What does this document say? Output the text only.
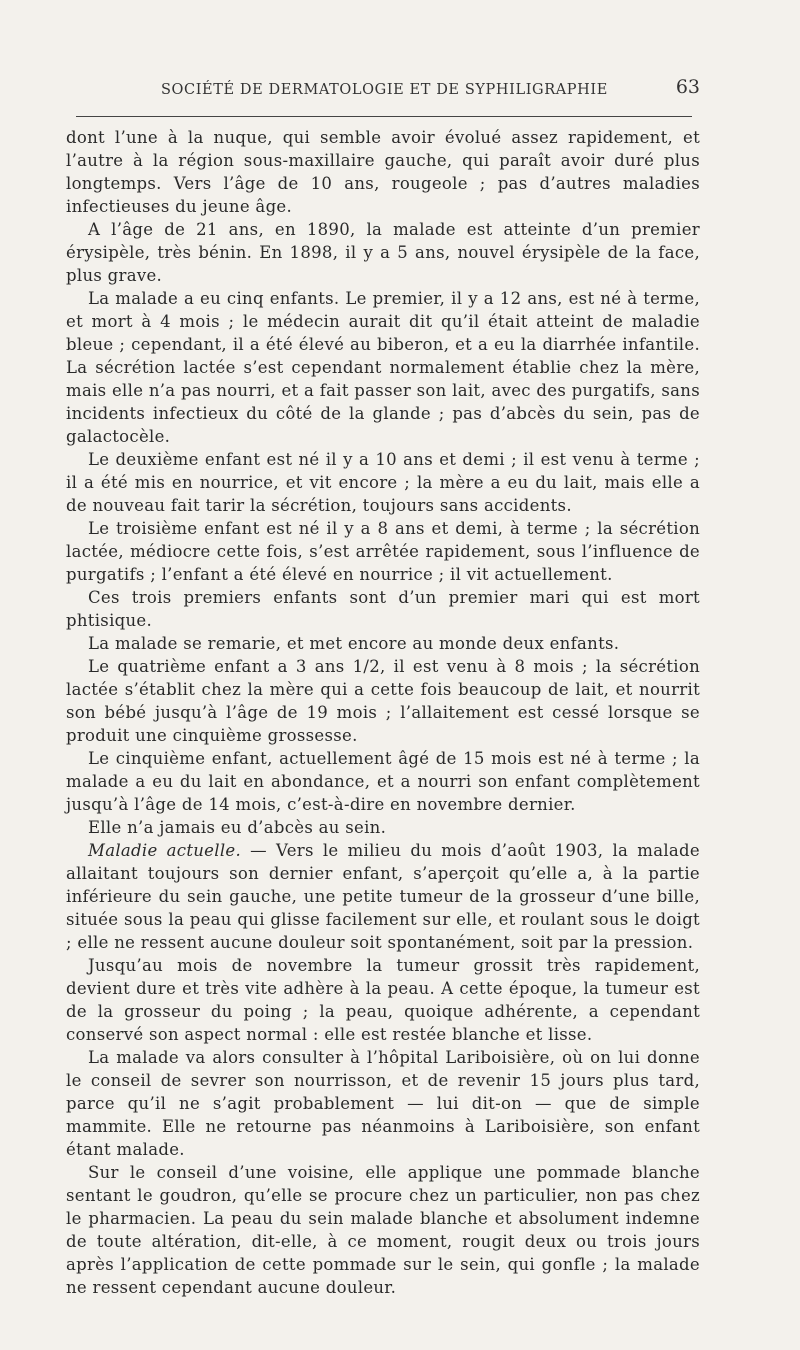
SOCIÉTÉ DE DERMATOLOGIE ET DE SYPHILIGRAPHIE	63

dont l’une à la nuque, qui semble avoir évolué assez rapidement, et l’autre à la région sous-maxillaire gauche, qui paraît avoir duré plus longtemps. Vers l’âge de 10 ans, rougeole ; pas d’autres maladies infectieuses du jeune âge.

A l’âge de 21 ans, en 1890, la malade est atteinte d’un premier érysipèle, très bénin. En 1898, il y a 5 ans, nouvel érysipèle de la face, plus grave.

La malade a eu cinq enfants. Le premier, il y a 12 ans, est né à terme, et mort à 4 mois ; le médecin aurait dit qu’il était atteint de maladie bleue ; cependant, il a été élevé au biberon, et a eu la diarrhée infantile. La sécrétion lactée s’est cependant normalement établie chez la mère, mais elle n’a pas nourri, et a fait passer son lait, avec des purgatifs, sans incidents infectieux du côté de la glande ; pas d’abcès du sein, pas de galactocèle.

Le deuxième enfant est né il y a 10 ans et demi ; il est venu à terme ; il a été mis en nourrice, et vit encore ; la mère a eu du lait, mais elle a de nouveau fait tarir la sécrétion, toujours sans accidents.

Le troisième enfant est né il y a 8 ans et demi, à terme ; la sécrétion lactée, médiocre cette fois, s’est arrêtée rapidement, sous l’influence de purgatifs ; l’enfant a été élevé en nourrice ; il vit actuellement.

Ces trois premiers enfants sont d’un premier mari qui est mort phtisique.

La malade se remarie, et met encore au monde deux enfants.

Le quatrième enfant a 3 ans 1/2, il est venu à 8 mois ; la sécrétion lactée s’établit chez la mère qui a cette fois beaucoup de lait, et nourrit son bébé jusqu’à l’âge de 19 mois ; l’allaitement est cessé lorsque se produit une cinquième grossesse.

Le cinquième enfant, actuellement âgé de 15 mois est né à terme ; la malade a eu du lait en abondance, et a nourri son enfant complètement jusqu’à l’âge de 14 mois, c’est-à-dire en novembre dernier.

Elle n’a jamais eu d’abcès au sein.

Maladie actuelle. — Vers le milieu du mois d’août 1903, la malade allaitant toujours son dernier enfant, s’aperçoit qu’elle a, à la partie inférieure du sein gauche, une petite tumeur de la grosseur d’une bille, située sous la peau qui glisse facilement sur elle, et roulant sous le doigt ; elle ne ressent aucune douleur soit spontanément, soit par la pression.

Jusqu’au mois de novembre la tumeur grossit très rapidement, devient dure et très vite adhère à la peau. A cette époque, la tumeur est de la grosseur du poing ; la peau, quoique adhérente, a cependant conservé son aspect normal : elle est restée blanche et lisse.

La malade va alors consulter à l’hôpital Lariboisière, où on lui donne le conseil de sevrer son nourrisson, et de revenir 15 jours plus tard, parce qu’il ne s’agit probablement — lui dit-on — que de simple mammite. Elle ne retourne pas néanmoins à Lariboisière, son enfant étant malade.

Sur le conseil d’une voisine, elle applique une pommade blanche sentant le goudron, qu’elle se procure chez un particulier, non pas chez le pharmacien. La peau du sein malade blanche et absolument indemne de toute altération, dit-elle, à ce moment, rougit deux ou trois jours après l’application de cette pommade sur le sein, qui gonfle ; la malade ne ressent cependant aucune douleur.
